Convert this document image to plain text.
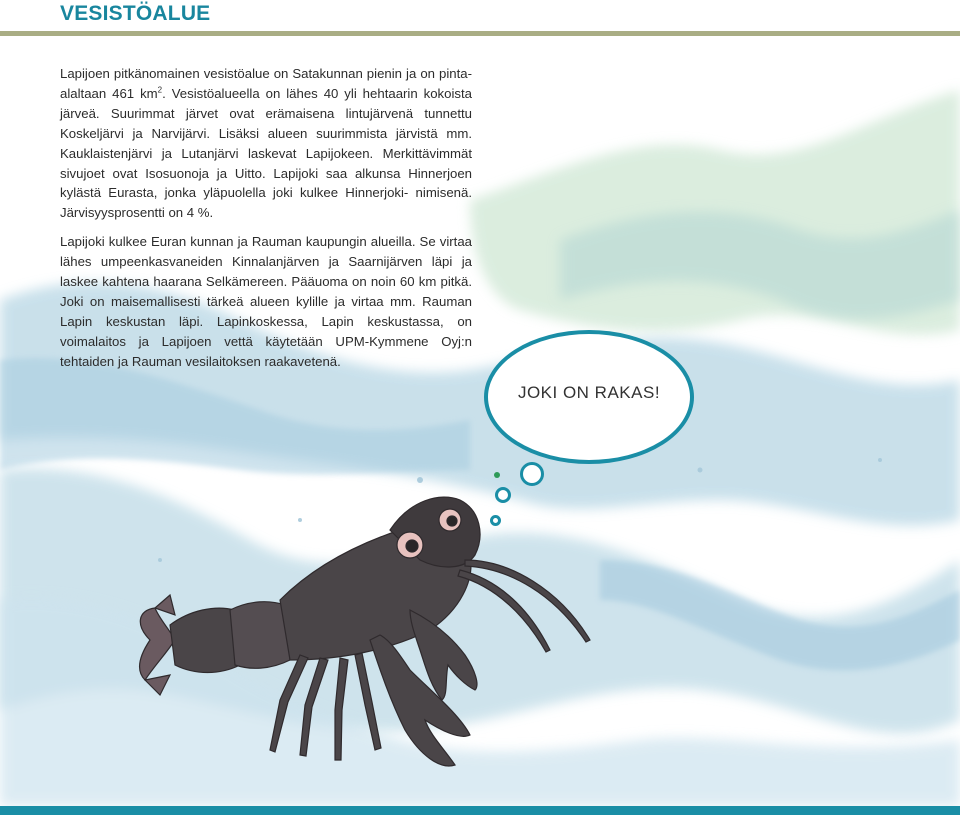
VESISTÖALUE

Lapijoen pitkänomainen vesistöalue on Satakunnan pienin ja on pinta-alaltaan 461 $km^2$. Vesistöalueella on lähes 40 yli hehtaarin kokoista järveä. Suurimmat järvet ovat erämaisena lintujärvenä tunnettu Koskeljärvi ja Narvijärvi. Lisäksi alueen suurimmista järvistä mm. Kauklaistenjärvi ja Lutanjärvi laskevat Lapijokeen. Merkittävimmät sivujoet ovat Isosuonoja ja Uitto. Lapijoki saa alkunsa Hinnerjoen kylästä Eurasta, jonka yläpuolella joki kulkee Hinnerjoki- nimisenä. Järvisyysprosentti on 4 %.

Lapijoki kulkee Euran kunnan ja Rauman kaupungin alueilla. Se virtaa lähes umpeenkasvaneiden Kinnalanjärven ja Saarnijärven läpi ja laskee kahtena haarana Selkämereen. Pääuoma on noin 60 km pitkä. Joki on maisemallisesti tärkeä alueen kylille ja virtaa mm. Rauman Lapin keskustan läpi. Lapinkoskessa, Lapin keskustassa, on voimalaitos ja Lapijoen vettä käytetään UPM-Kymmene Oyj:n tehtaiden ja Rauman vesilaitoksen raakavetenä.

JOKI ON RAKAS!
